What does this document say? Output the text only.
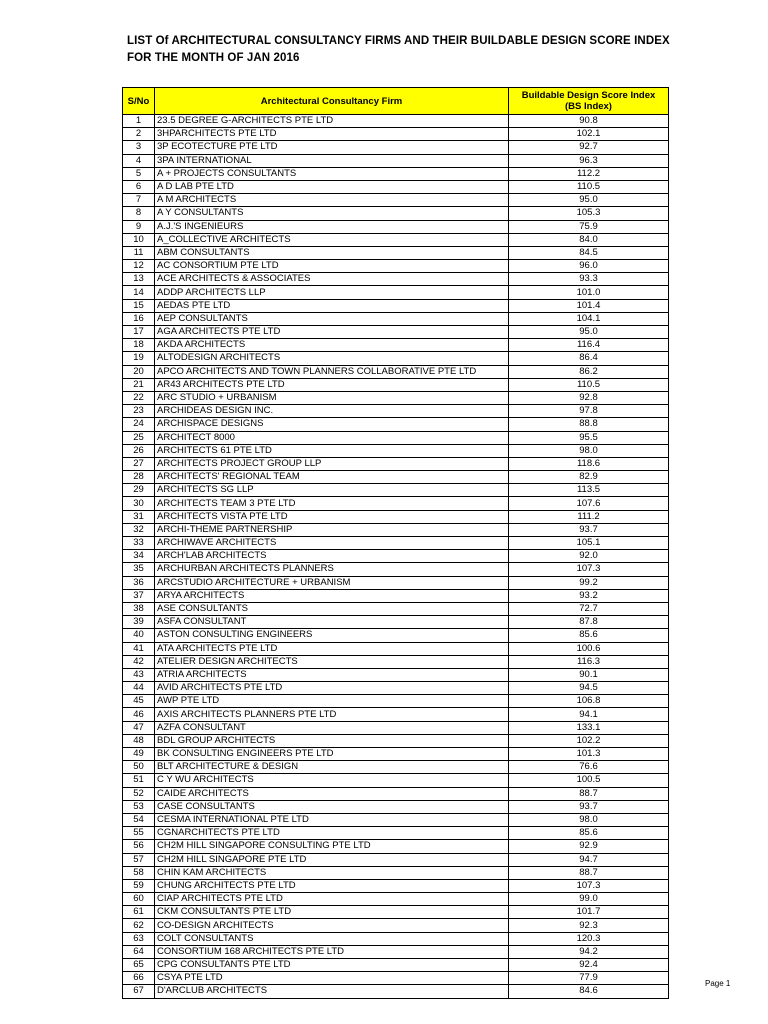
LIST Of ARCHITECTURAL CONSULTANCY FIRMS AND THEIR BUILDABLE DESIGN SCORE INDEX
FOR THE MONTH OF JAN 2016
S/No	Architectural Consultancy Firm	Buildable Design Score Index
(BS Index)

1	23.5 DEGREE G-ARCHITECTS PTE LTD	90.8
2	3HPARCHITECTS PTE LTD	102.1
3	3P ECOTECTURE PTE LTD	92.7
4	3PA INTERNATIONAL	96.3
5	A + PROJECTS CONSULTANTS	112.2
6	A D LAB PTE LTD	110.5
7	A M ARCHITECTS	95.0
8	A Y CONSULTANTS	105.3
9	A.J.'S INGENIEURS	75.9
10	A_COLLECTIVE ARCHITECTS	84.0
11	ABM CONSULTANTS	84.5
12	AC CONSORTIUM PTE LTD	96.0
13	ACE ARCHITECTS & ASSOCIATES	93.3
14	ADDP ARCHITECTS LLP	101.0
15	AEDAS PTE LTD	101.4
16	AEP CONSULTANTS	104.1
17	AGA ARCHITECTS PTE LTD	95.0
18	AKDA ARCHITECTS	116.4
19	ALTODESIGN ARCHITECTS	86.4
20	APCO ARCHITECTS AND TOWN PLANNERS COLLABORATIVE PTE LTD	86.2
21	AR43 ARCHITECTS PTE LTD	110.5
22	ARC STUDIO + URBANISM	92.8
23	ARCHIDEAS DESIGN INC.	97.8
24	ARCHISPACE DESIGNS	88.8
25	ARCHITECT 8000	95.5
26	ARCHITECTS 61 PTE LTD	98.0
27	ARCHITECTS PROJECT GROUP LLP	118.6
28	ARCHITECTS' REGIONAL TEAM	82.9
29	ARCHITECTS SG LLP	113.5
30	ARCHITECTS TEAM 3 PTE LTD	107.6
31	ARCHITECTS VISTA PTE LTD	111.2
32	ARCHI-THEME PARTNERSHIP	93.7
33	ARCHIWAVE ARCHITECTS	105.1
34	ARCH'LAB ARCHITECTS	92.0
35	ARCHURBAN ARCHITECTS PLANNERS	107.3
36	ARCSTUDIO ARCHITECTURE + URBANISM	99.2
37	ARYA ARCHITECTS	93.2
38	ASE CONSULTANTS	72.7
39	ASFA CONSULTANT	87.8
40	ASTON CONSULTING ENGINEERS	85.6
41	ATA ARCHITECTS PTE LTD	100.6
42	ATELIER DESIGN ARCHITECTS	116.3
43	ATRIA ARCHITECTS	90.1
44	AVID ARCHITECTS PTE LTD	94.5
45	AWP PTE LTD	106.8
46	AXIS ARCHITECTS PLANNERS PTE LTD	94.1
47	AZFA CONSULTANT	133.1
48	BDL GROUP ARCHITECTS	102.2
49	BK CONSULTING ENGINEERS PTE LTD	101.3
50	BLT ARCHITECTURE & DESIGN	76.6
51	C Y WU ARCHITECTS	100.5
52	CAIDE ARCHITECTS	88.7
53	CASE CONSULTANTS	93.7
54	CESMA INTERNATIONAL PTE LTD	98.0
55	CGNARCHITECTS PTE LTD	85.6
56	CH2M HILL SINGAPORE CONSULTING PTE LTD	92.9
57	CH2M HILL SINGAPORE PTE LTD	94.7
58	CHIN KAM ARCHITECTS	88.7
59	CHUNG ARCHITECTS PTE LTD	107.3
60	CIAP ARCHITECTS PTE LTD	99.0
61	CKM CONSULTANTS PTE LTD	101.7
62	CO-DESIGN ARCHITECTS	92.3
63	COLT CONSULTANTS	120.3
64	CONSORTIUM 168 ARCHITECTS PTE LTD	94.2
65	CPG CONSULTANTS PTE LTD	92.4
66	CSYA PTE LTD	77.9
67	D'ARCLUB ARCHITECTS	84.6
Page 1
